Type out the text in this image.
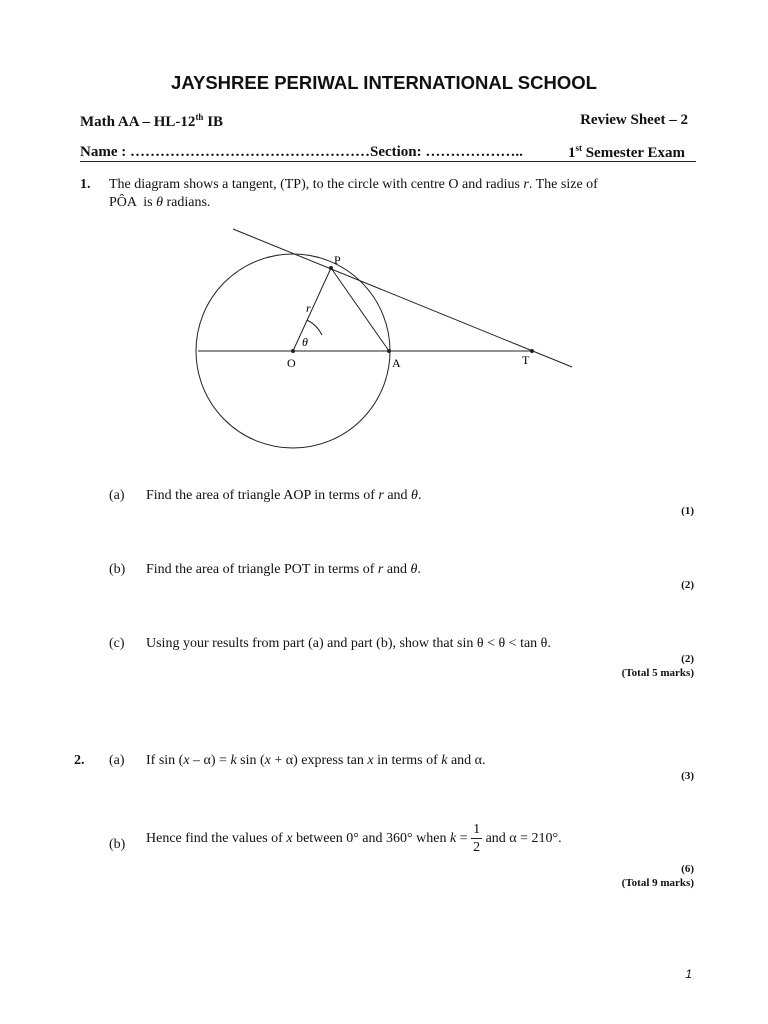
JAYSHREE PERIWAL INTERNATIONAL SCHOOL
Math AA – HL-12th IB	Review Sheet – 2
Name : …………………………………………Section: ………………..	1st Semester Exam
1. The diagram shows a tangent, (TP), to the circle with centre O and radius r. The size of
PÔA  is θ radians.
P
O	A	T
r
θ
(a) Find the area of triangle AOP in terms of r and θ.
(1)
(b) Find the area of triangle POT in terms of r and θ.
(2)
(c) Using your results from part (a) and part (b), show that sin θ < θ < tan θ.
(2)
(Total 5 marks)
2. (a) If sin (x – α) = k sin (x + α) express tan x in terms of k and α.
(3)
(b) Hence find the values of x between 0° and 360° when $k = \frac{1}{2}$ and α = 210°.
(6)
(Total 9 marks)
1
